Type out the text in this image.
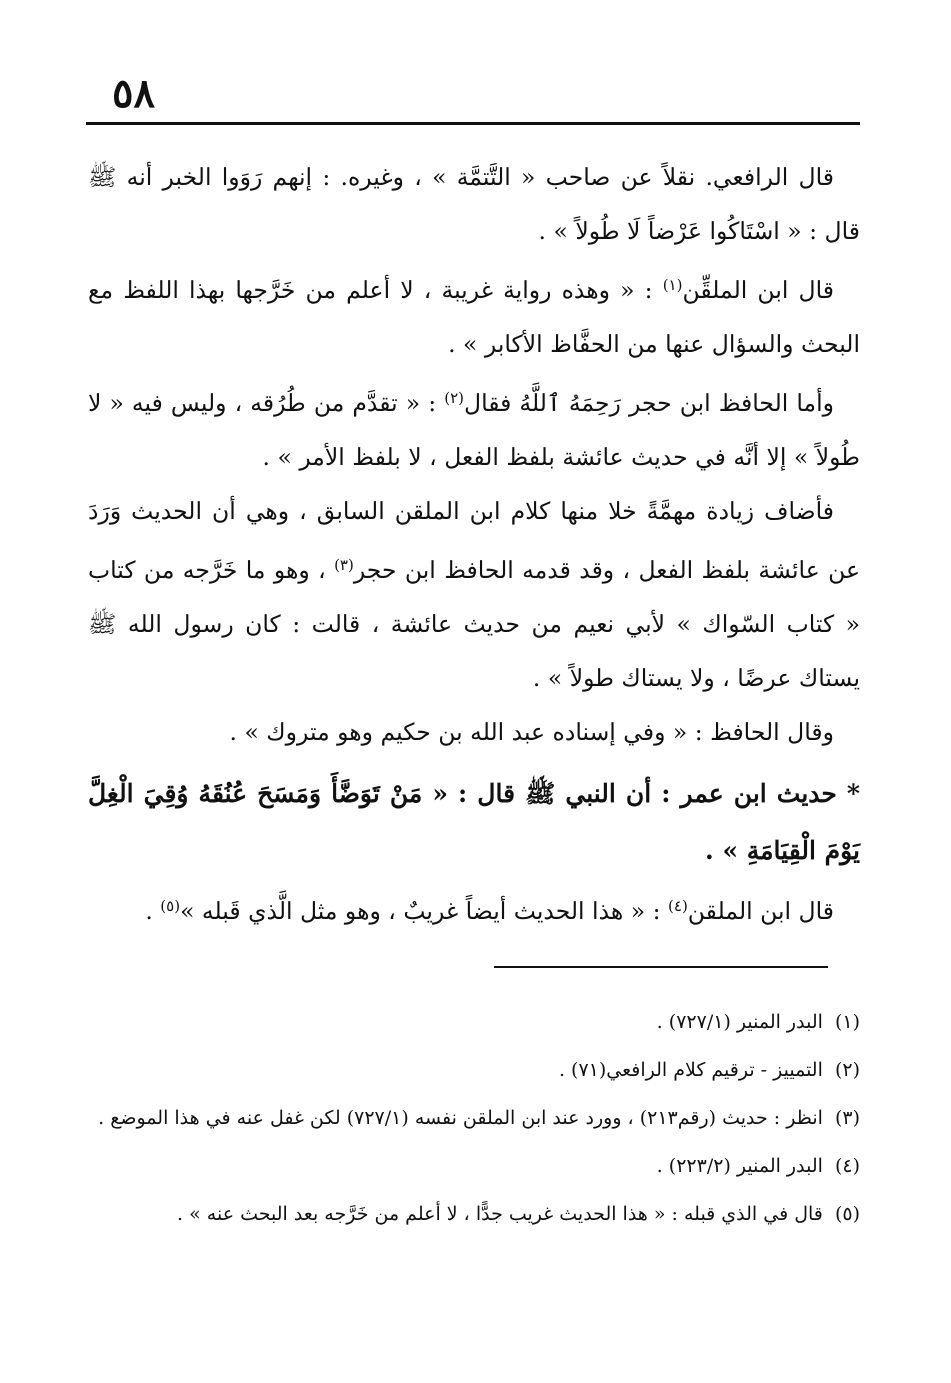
٥٨

قال الرافعي. نقلاً عن صاحب « التَّتمَّة » ، وغيره. : إنهم رَوَوا الخبر أنه ﷺ قال : « اسْتَاكُوا عَرْضاً لَا طُولاً » .

قال ابن الملقِّن$^{(١)}$ : « وهذه رواية غريبة ، لا أعلم من خَرَّجها بهذا اللفظ مع البحث والسؤال عنها من الحفَّاظ الأكابر » .

وأما الحافظ ابن حجر رَحِمَهُ ٱللَّهُ فقال$^{(٢)}$ : « تقدَّم من طُرُقه ، وليس فيه « لا طُولاً » إلا أنَّه في حديث عائشة بلفظ الفعل ، لا بلفظ الأمر » .

فأضاف زيادة مهمَّةً خلا منها كلام ابن الملقن السابق ، وهي أن الحديث وَرَدَ عن عائشة بلفظ الفعل ، وقد قدمه الحافظ ابن حجر$^{(٣)}$ ، وهو ما خَرَّجه من كتاب « كتاب السّواك » لأبي نعيم من حديث عائشة ، قالت : كان رسول الله ﷺ يستاك عرضًا ، ولا يستاك طولاً » .

وقال الحافظ : « وفي إسناده عبد الله بن حكيم وهو متروك » .

* حديث ابن عمر : أن النبي ﷺ قال : « مَنْ تَوَضَّأَ وَمَسَحَ عُنُقَهُ وُقِيَ الْغِلَّ يَوْمَ الْقِيَامَةِ » .

قال ابن الملقن$^{(٤)}$ : « هذا الحديث أيضاً غريبٌ ، وهو مثل الَّذي قَبله »$^{(٥)}$ .

(١) البدر المنير (٧٢٧/١) .
(٢) التمييز - ترقيم كلام الرافعي(٧١) .
(٣) انظر : حديث (رقم٢١٣) ، وورد عند ابن الملقن نفسه (٧٢٧/١) لكن غفل عنه في هذا الموضع .
(٤) البدر المنير (٢٢٣/٢) .
(٥) قال في الذي قبله : « هذا الحديث غريب جدًّا ، لا أعلم من خَرَّجه بعد البحث عنه » .
